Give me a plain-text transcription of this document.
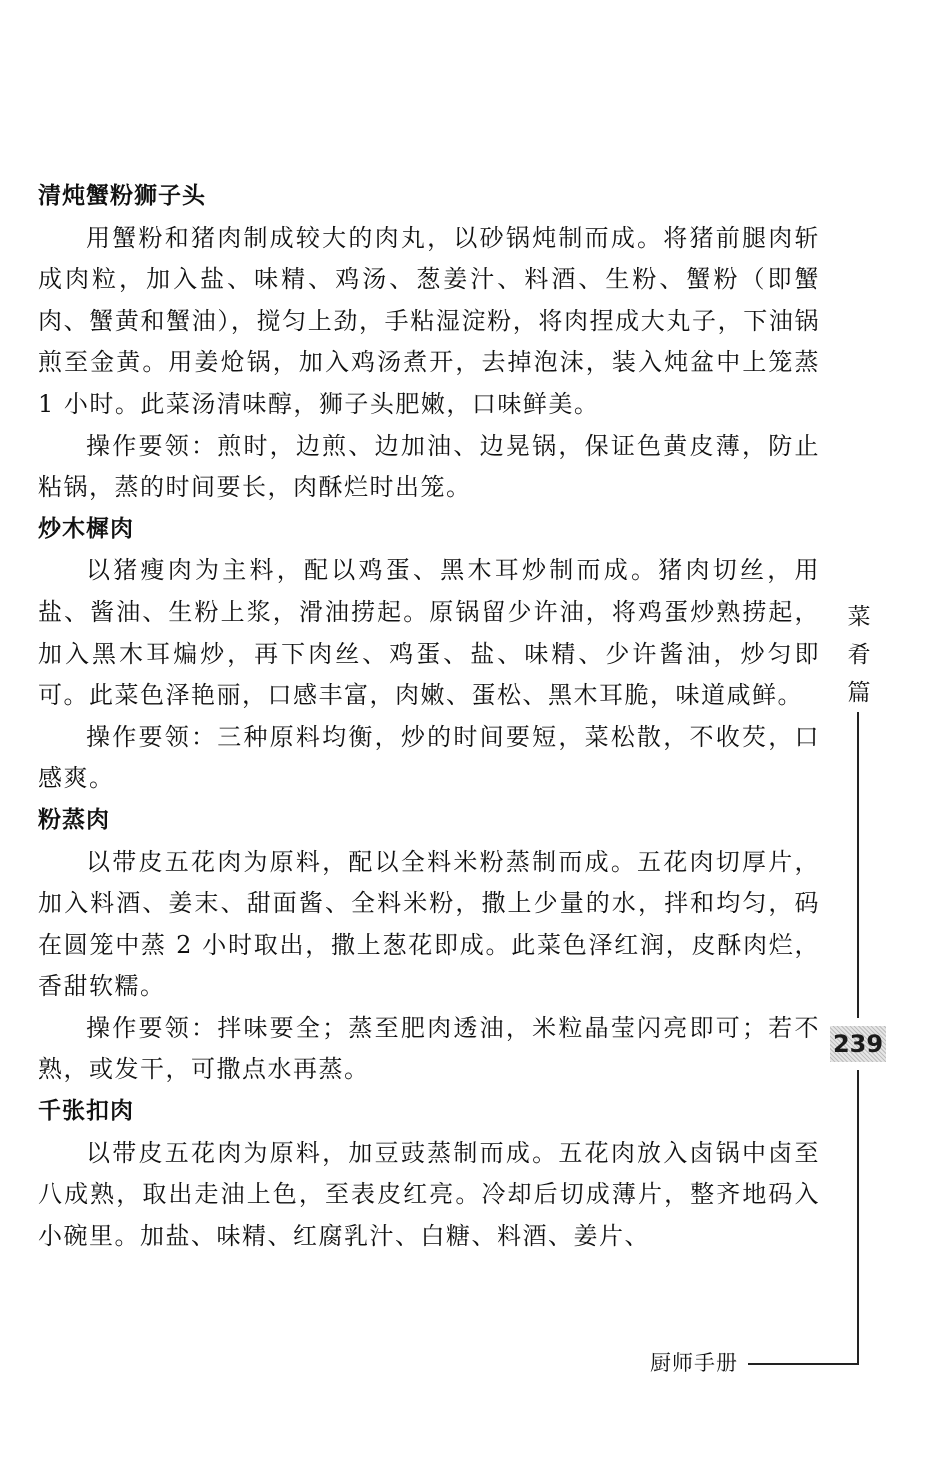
清炖蟹粉狮子头

用蟹粉和猪肉制成较大的肉丸，以砂锅炖制而成。将猪前腿肉斩成肉粒，加入盐、味精、鸡汤、葱姜汁、料酒、生粉、蟹粉（即蟹肉、蟹黄和蟹油），搅匀上劲，手粘湿淀粉，将肉捏成大丸子，下油锅煎至金黄。用姜炝锅，加入鸡汤煮开，去掉泡沫，装入炖盆中上笼蒸 1 小时。此菜汤清味醇，狮子头肥嫩，口味鲜美。

操作要领：煎时，边煎、边加油、边晃锅，保证色黄皮薄，防止粘锅，蒸的时间要长，肉酥烂时出笼。

炒木樨肉

以猪瘦肉为主料，配以鸡蛋、黑木耳炒制而成。猪肉切丝，用盐、酱油、生粉上浆，滑油捞起。原锅留少许油，将鸡蛋炒熟捞起，加入黑木耳煸炒，再下肉丝、鸡蛋、盐、味精、少许酱油，炒匀即可。此菜色泽艳丽，口感丰富，肉嫩、蛋松、黑木耳脆，味道咸鲜。

操作要领：三种原料均衡，炒的时间要短，菜松散，不收芡，口感爽。

粉蒸肉

以带皮五花肉为原料，配以全料米粉蒸制而成。五花肉切厚片，加入料酒、姜末、甜面酱、全料米粉，撒上少量的水，拌和均匀，码在圆笼中蒸 2 小时取出，撒上葱花即成。此菜色泽红润，皮酥肉烂，香甜软糯。

操作要领：拌味要全；蒸至肥肉透油，米粒晶莹闪亮即可；若不熟，或发干，可撒点水再蒸。

千张扣肉

以带皮五花肉为原料，加豆豉蒸制而成。五花肉放入卤锅中卤至八成熟，取出走油上色，至表皮红亮。冷却后切成薄片，整齐地码入小碗里。加盐、味精、红腐乳汁、白糖、料酒、姜片、

菜
肴
篇
239
厨师手册
